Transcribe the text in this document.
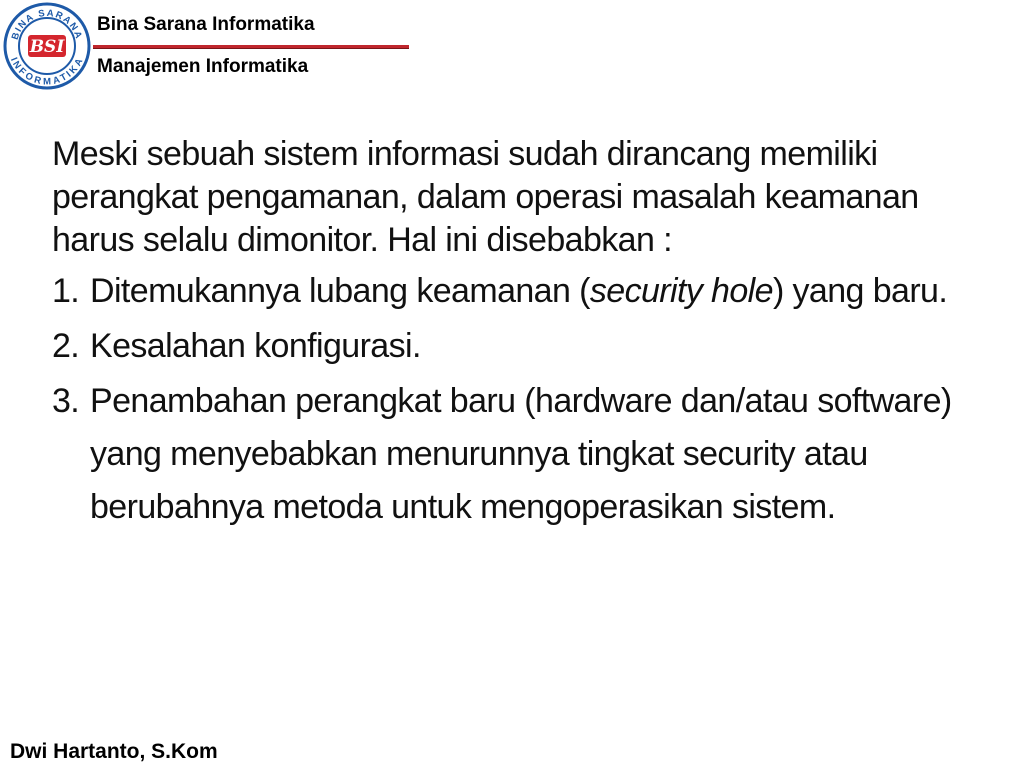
BINA SARANA
INFORMATIKA
BSI
Bina Sarana Informatika
Manajemen Informatika

Meski sebuah sistem informasi sudah dirancang memiliki perangkat pengamanan, dalam operasi masalah keamanan harus selalu dimonitor. Hal ini disebabkan :

1. Ditemukannya lubang keamanan (security hole) yang baru.
2. Kesalahan konfigurasi.
3. Penambahan perangkat baru (hardware dan/atau software) yang menyebabkan menurunnya tingkat security atau berubahnya metoda untuk mengoperasikan sistem.
Dwi Hartanto, S.Kom
